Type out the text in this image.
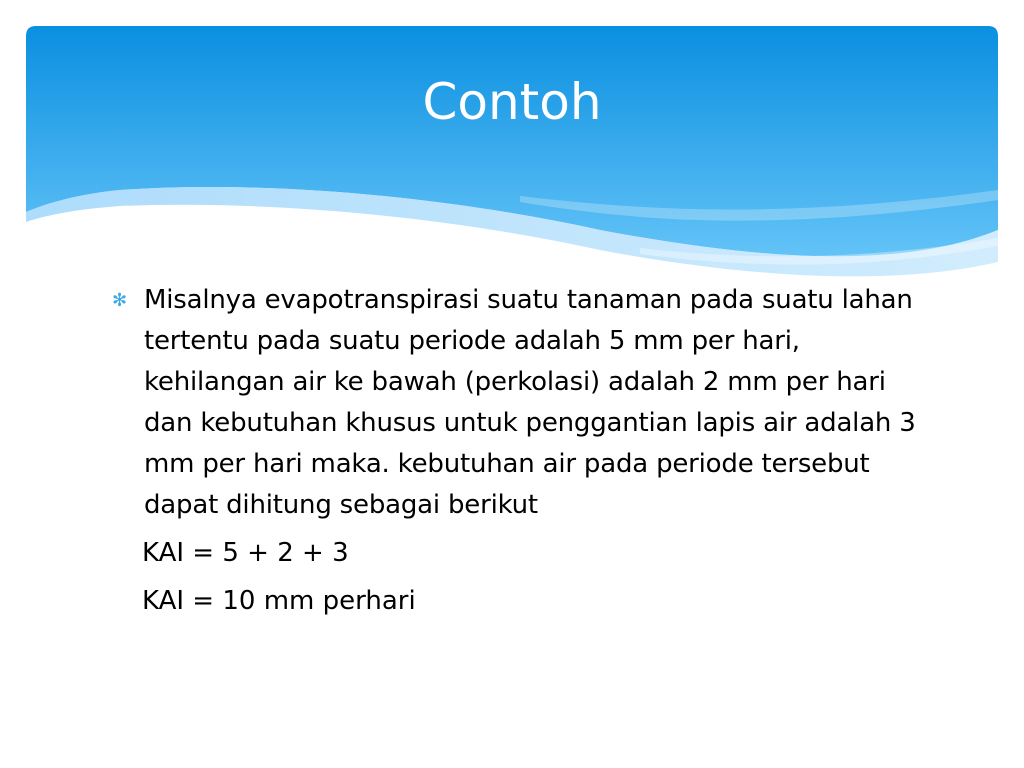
Contoh
✻ Misalnya evapotranspirasi suatu tanaman pada suatu lahan tertentu pada suatu periode adalah 5 mm per hari, kehilangan air ke bawah (perkolasi) adalah 2 mm per hari dan kebutuhan khusus untuk penggantian lapis air adalah 3 mm per hari maka. kebutuhan air pada periode tersebut dapat dihitung sebagai berikut
KAI = 5 + 2 + 3
KAI = 10 mm perhari
